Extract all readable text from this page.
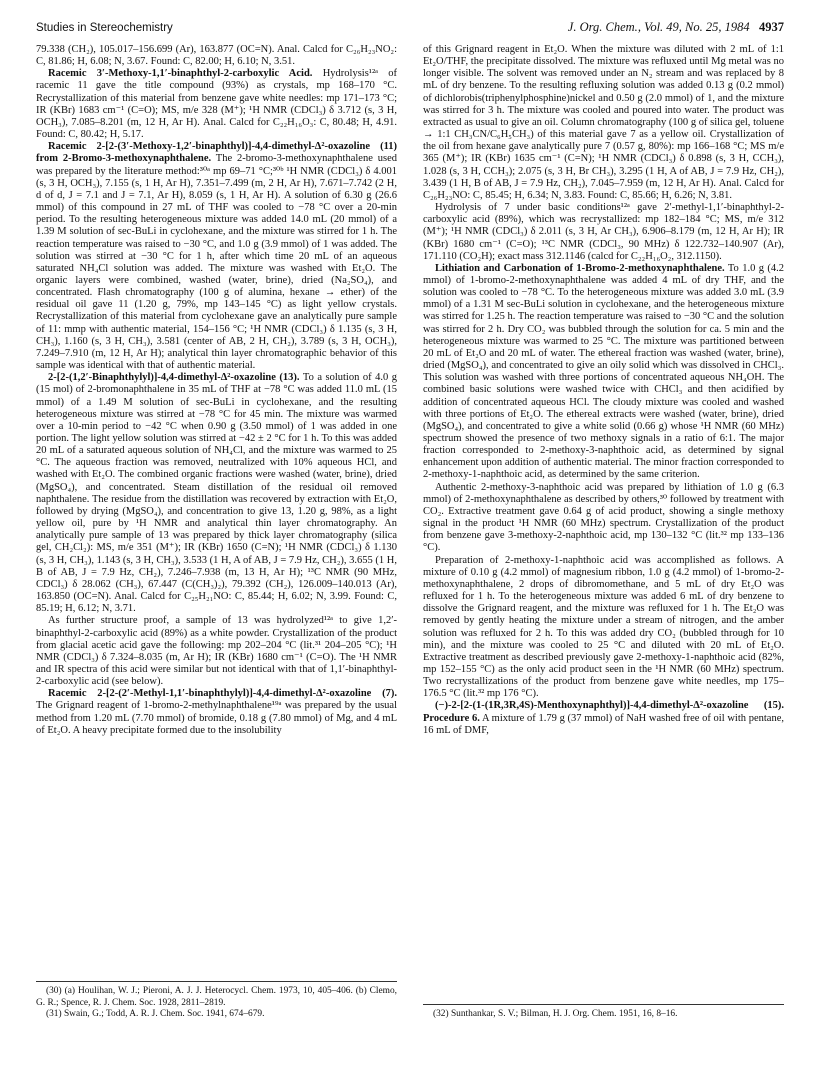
Studies in Stereochemistry	J. Org. Chem., Vol. 49, No. 25, 1984 4937

79.338 (CH₂), 105.017–156.699 (Ar), 163.877 (OC=N). Anal. Calcd for C₂₆H₂₃NO₂: C, 81.86; H, 6.08; N, 3.67. Found: C, 82.00; H, 6.10; N, 3.51.

Racemic 3′-Methoxy-1,1′-binaphthyl-2-carboxylic Acid. Hydrolysis¹²ᵃ of racemic 11 gave the title compound (93%) as crystals, mp 168–170 °C. Recrystallization of this material from benzene gave white needles: mp 171–173 °C; IR (KBr) 1683 cm⁻¹ (C=O); MS, m/e 328 (M⁺); ¹H NMR (CDCl₃) δ 3.712 (s, 3 H, OCH₃), 7.085–8.201 (m, 12 H, Ar H). Anal. Calcd for C₂₂H₁₆O₃: C, 80.48; H, 4.91. Found: C, 80.42; H, 5.17.

Racemic 2-[2-(3′-Methoxy-1,2′-binaphthyl)]-4,4-dimethyl-Δ²-oxazoline (11) from 2-Bromo-3-methoxynaphthalene. The 2-bromo-3-methoxynaphthalene used was prepared by the literature method:³⁰ᵃ mp 69–71 °C;³⁰ᵇ ¹H NMR (CDCl₃) δ 4.001 (s, 3 H, OCH₃), 7.155 (s, 1 H, Ar H), 7.351–7.499 (m, 2 H, Ar H), 7.671–7.742 (2 H, d of d, J = 7.1 and J = 7.1, Ar H), 8.059 (s, 1 H, Ar H). A solution of 6.30 g (26.6 mmol) of this compound in 27 mL of THF was cooled to −78 °C over a 20-min period. To the resulting heterogeneous mixture was added 14.0 mL (20 mmol) of a 1.39 M solution of sec-BuLi in cyclohexane, and the mixture was stirred for 1 h. The reaction temperature was raised to −30 °C, and 1.0 g (3.9 mmol) of 1 was added. The solution was stirred at −30 °C for 1 h, after which time 20 mL of an aqueous saturated NH₄Cl solution was added. The mixture was washed with Et₂O. The organic layers were combined, washed (water, brine), dried (Na₂SO₄), and concentrated. Flash chromatography (100 g of alumina, hexane → ether) of the residual oil gave 11 (1.20 g, 79%, mp 143–145 °C) as light yellow crystals. Recrystallization of this material from cyclohexane gave an analytically pure sample of 11: mmp with authentic material, 154–156 °C; ¹H NMR (CDCl₃) δ 1.135 (s, 3 H, CH₃), 1.160 (s, 3 H, CH₃), 3.581 (center of AB, 2 H, CH₂), 3.789 (s, 3 H, OCH₃), 7.249–7.910 (m, 12 H, Ar H); analytical thin layer chromatographic behavior of this sample was identical with that of authentic material.

2-[2-(1,2′-Binaphthylyl)]-4,4-dimethyl-Δ²-oxazoline (13). To a solution of 4.0 g (15 mol) of 2-bromonaphthalene in 35 mL of THF at −78 °C was added 11.0 mL (15 mmol) of a 1.49 M solution of sec-BuLi in cyclohexane, and the resulting heterogeneous mixture was stirred at −78 °C for 45 min. The mixture was warmed over a 10-min period to −42 °C when 0.90 g (3.50 mmol) of 1 was added in one portion. The light yellow solution was stirred at −42 ± 2 °C for 1 h. To this was added 20 mL of a saturated aqueous solution of NH₄Cl, and the mixture was warmed to 25 °C. The aqueous fraction was removed, neutralized with 10% aqueous HCl, and washed with Et₂O. The combined organic fractions were washed (water, brine), dried (MgSO₄), and concentrated. Steam distillation of the residual oil removed naphthalene. The residue from the distillation was recovered by extraction with Et₂O, followed by drying (MgSO₄), and concentration to give 13, 1.20 g, 98%, as a light yellow oil, pure by ¹H NMR and analytical thin layer chromatography. An analytically pure sample of 13 was prepared by thick layer chromatography (silica gel, CH₂Cl₂): MS, m/e 351 (M⁺); IR (KBr) 1650 (C=N); ¹H NMR (CDCl₃) δ 1.130 (s, 3 H, CH₃), 1.143 (s, 3 H, CH₃), 3.533 (1 H, A of AB, J = 7.9 Hz, CH₂), 3.655 (1 H, B of AB, J = 7.9 Hz, CH₂), 7.246–7.938 (m, 13 H, Ar H); ¹³C NMR (90 MHz, CDCl₃) δ 28.062 (CH₃), 67.447 (C(CH₃)₂), 79.392 (CH₂), 126.009–140.013 (Ar), 163.850 (OC=N). Anal. Calcd for C₂₅H₂₁NO: C, 85.44; H, 6.02; N, 3.99. Found: C, 85.19; H, 6.12; N, 3.71.

As further structure proof, a sample of 13 was hydrolyzed¹²ᵃ to give 1,2′-binaphthyl-2-carboxylic acid (89%) as a white powder. Crystallization of the product from glacial acetic acid gave the following: mp 202–204 °C (lit.³¹ 204–205 °C); ¹H NMR (CDCl₃) δ 7.324–8.035 (m, Ar H); IR (KBr) 1680 cm⁻¹ (C=O). The ¹H NMR and IR spectra of this acid were similar but not identical with that of 1,1′-binaphthyl-2-carboxylic acid (see below).

Racemic 2-[2-(2′-Methyl-1,1′-binaphthylyl)]-4,4-dimethyl-Δ²-oxazoline (7). The Grignard reagent of 1-bromo-2-methylnaphthalene¹⁹ᵃ was prepared by the usual method from 1.20 mL (7.70 mmol) of bromide, 0.18 g (7.80 mmol) of Mg, and 4 mL of Et₂O. A heavy precipitate formed due to the insolubility

(30) (a) Houlihan, W. J.; Pieroni, A. J. J. Heterocycl. Chem. 1973, 10, 405–406. (b) Clemo, G. R.; Spence, R. J. Chem. Soc. 1928, 2811–2819.

(31) Swain, G.; Todd, A. R. J. Chem. Soc. 1941, 674–679.

of this Grignard reagent in Et₂O. When the mixture was diluted with 2 mL of 1:1 Et₂O/THF, the precipitate dissolved. The mixture was refluxed until Mg metal was no longer visible. The solvent was removed under an N₂ stream and was replaced by 8 mL of dry benzene. To the resulting refluxing solution was added 0.13 g (0.2 mmol) of dichlorobis(triphenylphosphine)nickel and 0.50 g (2.0 mmol) of 1, and the mixture was stirred for 3 h. The mixture was cooled and poured into water. The product was extracted as usual to give an oil. Column chromatography (100 g of silica gel, toluene → 1:1 CH₃CN/C₆H₅CH₃) of this material gave 7 as a yellow oil. Crystallization of the oil from hexane gave analytically pure 7 (0.57 g, 80%): mp 166–168 °C; MS m/e 365 (M⁺); IR (KBr) 1635 cm⁻¹ (C=N); ¹H NMR (CDCl₃) δ 0.898 (s, 3 H, CCH₃), 1.028 (s, 3 H, CCH₃); 2.075 (s, 3 H, Br CH₃), 3.295 (1 H, A of AB, J = 7.9 Hz, CH₂), 3.439 (1 H, B of AB, J = 7.9 Hz, CH₂), 7.045–7.959 (m, 12 H, Ar H). Anal. Calcd for C₂₆H₂₃NO: C, 85.45; H, 6.34; N, 3.83. Found: C, 85.66; H, 6.26; N, 3.81.

Hydrolysis of 7 under basic conditions¹²ᵃ gave 2′-methyl-1,1′-binaphthyl-2-carboxylic acid (89%), which was recrystallized: mp 182–184 °C; MS, m/e 312 (M⁺); ¹H NMR (CDCl₃) δ 2.011 (s, 3 H, Ar CH₃), 6.906–8.179 (m, 12 H, Ar H); IR (KBr) 1680 cm⁻¹ (C=O); ¹³C NMR (CDCl₃, 90 MHz) δ 122.732–140.907 (Ar), 171.110 (CO₂H); exact mass 312.1146 (calcd for C₂₂H₁₆O₂, 312.1150).

Lithiation and Carbonation of 1-Bromo-2-methoxynaphthalene. To 1.0 g (4.2 mmol) of 1-bromo-2-methoxynaphthalene was added 4 mL of dry THF, and the solution was cooled to −78 °C. To the heterogeneous mixture was added 3.0 mL (3.9 mmol) of a 1.31 M sec-BuLi solution in cyclohexane, and the heterogeneous mixture was stirred for 1.25 h. The reaction temperature was raised to −30 °C and the solution was stirred for 2 h. Dry CO₂ was bubbled through the solution for ca. 5 min and the heterogeneous mixture was warmed to 25 °C. The mixture was partitioned between 20 mL of Et₂O and 20 mL of water. The ethereal fraction was washed (water, brine), dried (MgSO₄), and concentrated to give an oily solid which was dissolved in CHCl₃. This solution was washed with three portions of concentrated aqueous NH₄OH. The combined basic solutions were washed twice with CHCl₃ and then acidified by addition of concentrated aqueous HCl. The cloudy mixture was cooled and washed with three portions of Et₂O. The ethereal extracts were washed (water, brine), dried (MgSO₄), and concentrated to give a white solid (0.66 g) whose ¹H NMR (60 MHz) spectrum showed the presence of two methoxy signals in a ratio of 6:1. The major fraction corresponded to 2-methoxy-3-naphthoic acid, as determined by signal enhancement upon addition of authentic material. The minor fraction corresponded to 2-methoxy-1-naphthoic acid, as determined by the same criterion.

Authentic 2-methoxy-3-naphthoic acid was prepared by lithiation of 1.0 g (6.3 mmol) of 2-methoxynaphthalene as described by others,³⁰ followed by treatment with CO₂. Extractive treatment gave 0.64 g of acid product, showing a single methoxy signal in the product ¹H NMR (60 MHz) spectrum. Crystallization of the product from benzene gave 3-methoxy-2-naphthoic acid, mp 130–132 °C (lit.³² mp 133–136 °C).

Preparation of 2-methoxy-1-naphthoic acid was accomplished as follows. A mixture of 0.10 g (4.2 mmol) of magnesium ribbon, 1.0 g (4.2 mmol) of 1-bromo-2-methoxynaphthalene, 2 drops of dibromomethane, and 5 mL of dry Et₂O was refluxed for 1 h. To the heterogeneous mixture was added 6 mL of dry benzene to dissolve the Grignard reagent, and the mixture was refluxed for 1 h. The Et₂O was removed by gently heating the mixture under a stream of nitrogen, and the amber solution was refluxed for 2 h. To this was added dry CO₂ (bubbled through for 10 min), and the mixture was cooled to 25 °C and diluted with 20 mL of Et₂O. Extractive treatment as described previously gave 2-methoxy-1-naphthoic acid (82%, mp 152–155 °C) as the only acid product seen in the ¹H NMR (60 MHz) spectrum. Two recrystallizations of the product from benzene gave white needles, mp 175–176.5 °C (lit.³² mp 176 °C).

(−)-2-[2-(1-(1R,3R,4S)-Menthoxynaphthyl)]-4,4-dimethyl-Δ²-oxazoline (15). Procedure 6. A mixture of 1.79 g (37 mmol) of NaH washed free of oil with pentane, 16 mL of DMF,

(32) Sunthankar, S. V.; Bilman, H. J. Org. Chem. 1951, 16, 8–16.
